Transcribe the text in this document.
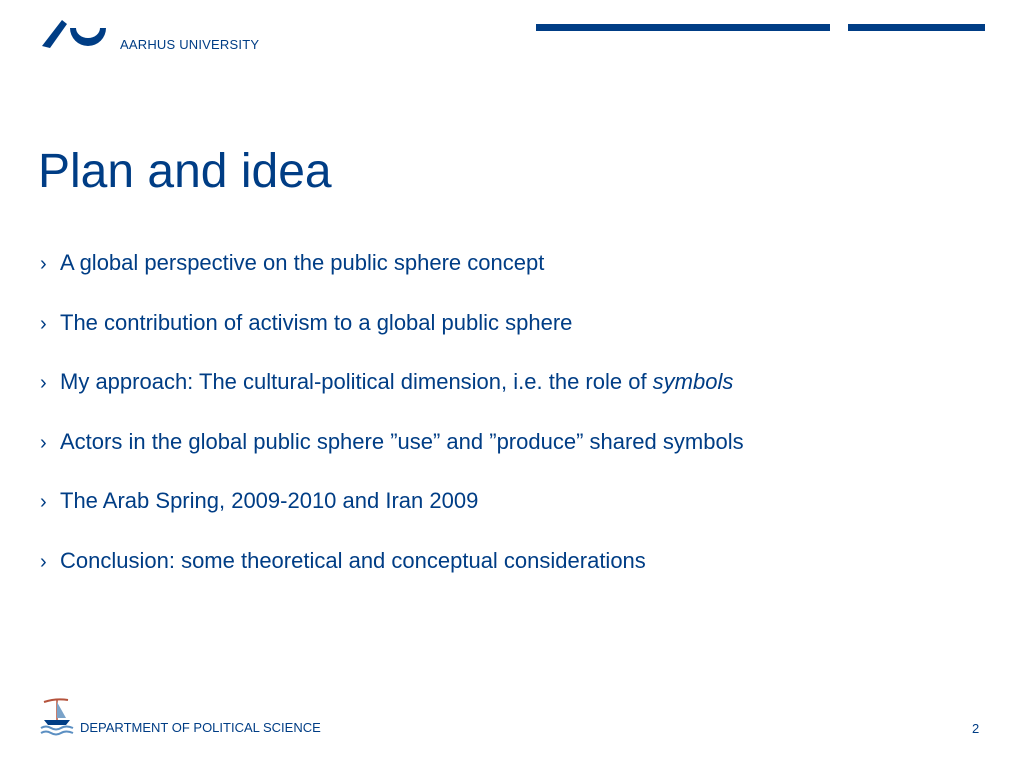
AARHUS UNIVERSITY
Plan and idea
› A global perspective on the public sphere concept
› The contribution of activism to a global public sphere
› My approach: The cultural-political dimension, i.e. the role of symbols
› Actors in the global public sphere ”use” and ”produce” shared symbols
› The Arab Spring, 2009-2010 and Iran 2009
› Conclusion: some theoretical and conceptual considerations
DEPARTMENT OF POLITICAL SCIENCE	2
